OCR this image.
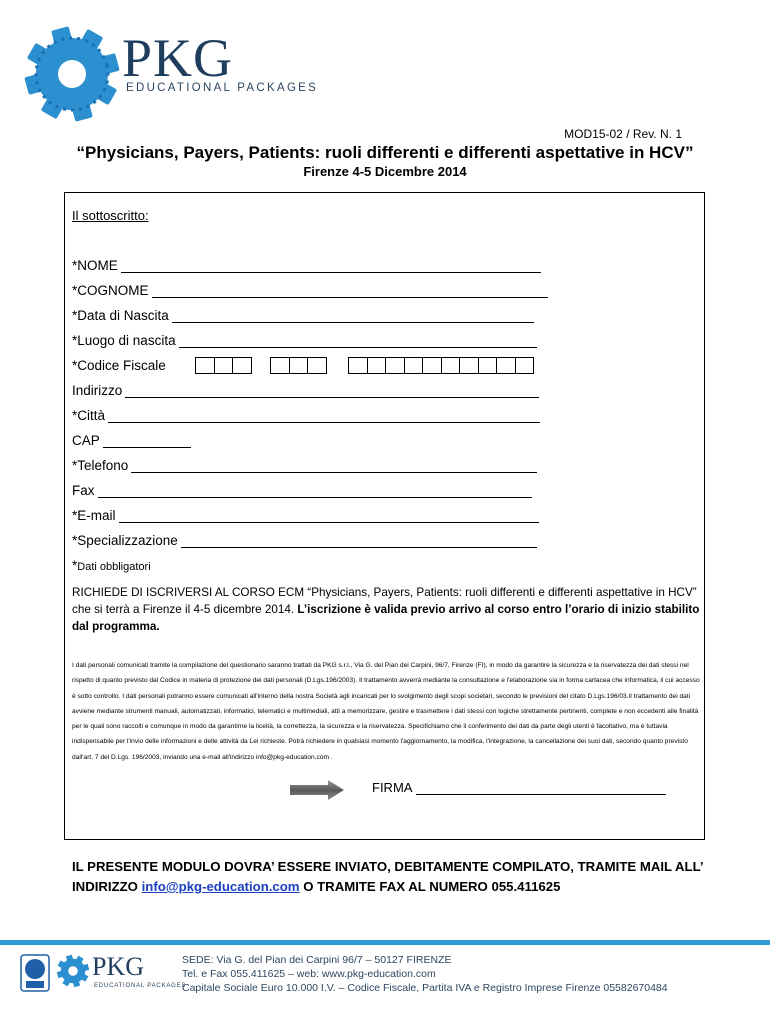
PKG
EDUCATIONAL PACKAGES
MOD15-02 / Rev. N. 1
“Physicians, Payers, Patients: ruoli differenti e differenti aspettative in HCV”
Firenze 4-5 Dicembre 2014
Il sottoscritto:
*NOME
*COGNOME
*Data di Nascita
*Luogo di nascita
*Codice Fiscale
Indirizzo
*Città
CAP
*Telefono
Fax
*E-mail
*Specializzazione
*Dati obbligatori
RICHIEDE DI ISCRIVERSI AL CORSO ECM “Physicians, Payers, Patients: ruoli differenti e differenti aspettative in HCV” che si terrà a Firenze il 4-5 dicembre 2014. L’iscrizione è valida previo arrivo al corso entro l’orario di inizio stabilito dal programma.
I dati personali comunicati tramite la compilazione del questionario saranno trattati da PKG s.r.l., Via G. del Pian dei Carpini, 96/7, Firenze (FI), in modo da garantire la sicurezza e la riservatezza dei dati stessi nel rispetto di quanto previsto dal Codice in materia di protezione dei dati personali (D.Lgs.196/2003). Il trattamento avverrà mediante la consultazione e l'elaborazione sia in forma cartacea che informatica, il cui accesso è sotto controllo. I dati personali potranno essere comunicati all'interno della nostra Società agli incaricati per lo svolgimento degli scopi societari, secondo le previsioni del citato D.Lgs.196/03.Il trattamento dei dati avviene mediante strumenti manuali, automatizzati, informatici, telematici e multimediali, atti a memorizzare, gestire e trasmettere i dati stessi con logiche strettamente pertinenti, complete e non eccedenti alle finalità per le quali sono raccolti e comunque in modo da garantirne la liceità, la correttezza, la sicurezza e la riservatezza. Specifichiamo che il conferimento dei dati da parte degli utenti è facoltativo, ma è tuttavia indispensabile per l'invio delle informazioni e delle attività da Lei richieste. Potrà richiedere in qualsiasi momento l'aggiornamento, la modifica, l'integrazione, la cancellazione dei suoi dati, secondo quanto previsto dall'art. 7 del D.Lgs. 196/2003, inviando una e-mail all'indirizzo info@pkg-education.com .
FIRMA
IL PRESENTE MODULO DOVRA’ ESSERE INVIATO, DEBITAMENTE COMPILATO, TRAMITE MAIL ALL’ INDIRIZZO info@pkg-education.com O TRAMITE FAX AL NUMERO 055.411625
PKG
EDUCATIONAL PACKAGES
SEDE: Via G. del Pian dei Carpini 96/7 – 50127 FIRENZE
Tel. e Fax 055.411625 – web: www.pkg-education.com
Capitale Sociale Euro 10.000 I.V. – Codice Fiscale, Partita IVA e Registro Imprese Firenze 05582670484
